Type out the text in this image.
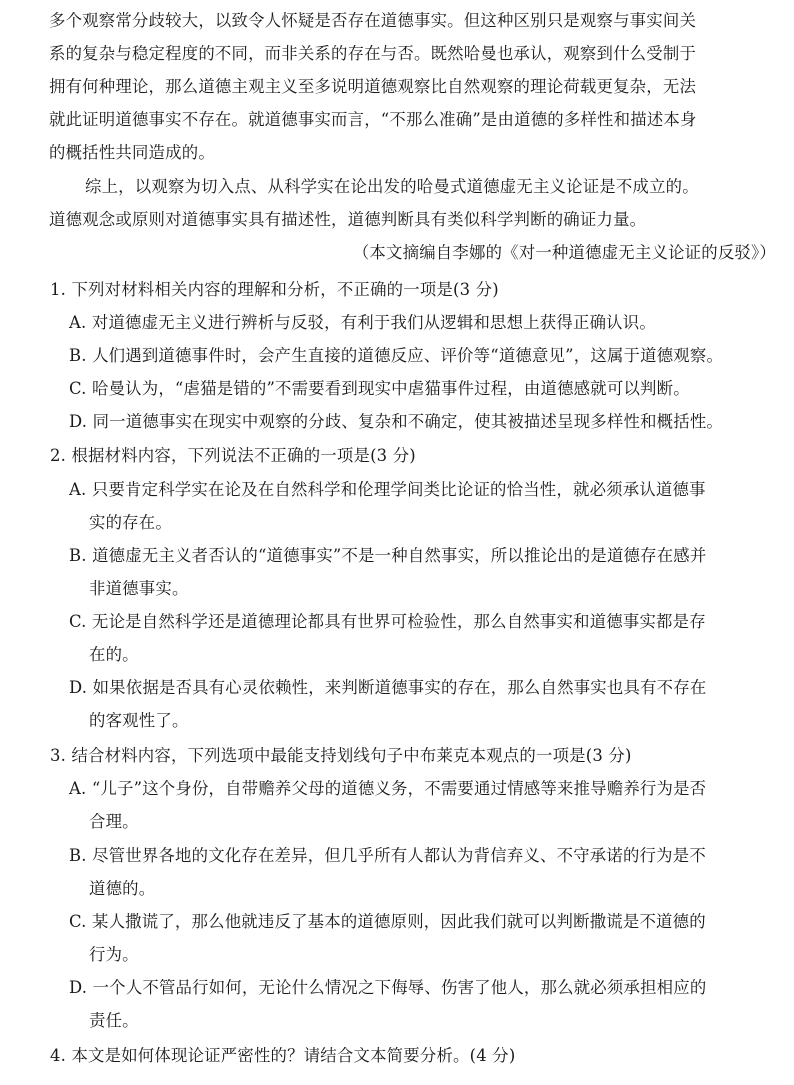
多个观察常分歧较大，以致令人怀疑是否存在道德事实。但这种区别只是观察与事实间关
系的复杂与稳定程度的不同，而非关系的存在与否。既然哈曼也承认，观察到什么受制于
拥有何种理论，那么道德主观主义至多说明道德观察比自然观察的理论荷载更复杂，无法
就此证明道德事实不存在。就道德事实而言，“不那么准确”是由道德的多样性和描述本身
的概括性共同造成的。
综上，以观察为切入点、从科学实在论出发的哈曼式道德虚无主义论证是不成立的。
道德观念或原则对道德事实具有描述性，道德判断具有类似科学判断的确证力量。
（本文摘编自李娜的《对一种道德虚无主义论证的反驳》）
1. 下列对材料相关内容的理解和分析，不正确的一项是(3 分)
A. 对道德虚无主义进行辨析与反驳，有利于我们从逻辑和思想上获得正确认识。
B. 人们遇到道德事件时，会产生直接的道德反应、评价等“道德意见”，这属于道德观察。
C. 哈曼认为，“虐猫是错的”不需要看到现实中虐猫事件过程，由道德感就可以判断。
D. 同一道德事实在现实中观察的分歧、复杂和不确定，使其被描述呈现多样性和概括性。
2. 根据材料内容，下列说法不正确的一项是(3 分)
A. 只要肯定科学实在论及在自然科学和伦理学间类比论证的恰当性，就必须承认道德事
实的存在。
B. 道德虚无主义者否认的“道德事实”不是一种自然事实，所以推论出的是道德存在感并
非道德事实。
C. 无论是自然科学还是道德理论都具有世界可检验性，那么自然事实和道德事实都是存
在的。
D. 如果依据是否具有心灵依赖性，来判断道德事实的存在，那么自然事实也具有不存在
的客观性了。
3. 结合材料内容，下列选项中最能支持划线句子中布莱克本观点的一项是(3 分)
A. “儿子”这个身份，自带赡养父母的道德义务，不需要通过情感等来推导赡养行为是否
合理。
B. 尽管世界各地的文化存在差异，但几乎所有人都认为背信弃义、不守承诺的行为是不
道德的。
C. 某人撒谎了，那么他就违反了基本的道德原则，因此我们就可以判断撒谎是不道德的
行为。
D. 一个人不管品行如何，无论什么情况之下侮辱、伤害了他人，那么就必须承担相应的
责任。
4. 本文是如何体现论证严密性的？请结合文本简要分析。(4 分)
